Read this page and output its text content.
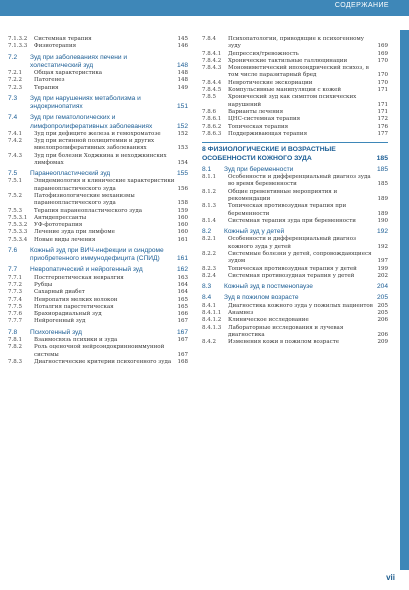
СОДЕРЖАНИЕ
7.1.3.2	Системная терапия	145
7.1.3.3	Физиотерапия	146
7.2	Зуд при заболеваниях печени и холестатический зуд	148
7.2.1	Общая характеристика	148
7.2.2	Патогенез	148
7.2.3	Терапия	149
7.3	Зуд при нарушениях метаболизма и эндокринопатиях	151
7.4	Зуд при гематологических и лимфопролиферативных заболеваниях	152
7.4.1	Зуд при дефиците железа и гемохроматозе	152
7.4.2	Зуд при истинной полицитемии и других миелопролиферативных заболеваниях	153
7.4.3	Зуд при болезни Ходжкина и неходжкинских лимфомах	154
7.5	Паранеопластический зуд	155
7.5.1	Эпидемиология и клинические характеристики паранеопластического зуда	156
7.5.2	Патофизиологические механизмы паранеопластического зуда	158
7.5.3	Терапия паранеопластического зуда	159
7.5.3.1	Антидепрессанты	160
7.5.3.2	УФ-фототерапия	160
7.5.3.3	Лечение зуда при лимфоме	160
7.5.3.4	Новые виды лечения	161
7.6	Кожный зуд при ВИЧ-инфекции и синдроме приобретенного иммунодефицита (СПИД)	161
7.7	Невропатический и нейрогенный зуд	162
7.7.1	Постгерпетическая невралгия	163
7.7.2	Рубцы	164
7.7.3	Сахарный диабет	164
7.7.4	Невропатия мелких волокон	165
7.7.5	Ноталгия парестетическая	165
7.7.6	Брахиорадиальный зуд	166
7.7.7	Нейрогенный зуд	167
7.8	Психогенный зуд	167
7.8.1	Взаимосвязь психики и зуда	167
7.8.2	Роль оценочной нейроэндокринноиммунной системы	167
7.8.3	Диагностические критерии психогенного зуда	168
7.8.4	Психопатологии, приводящие к психогенному зуду	169
7.8.4.1	Депрессия/тревожность	169
7.8.4.2	Хронические тактильные галлюцинации	170
7.8.4.3	Мономиметический ипохондрический психоз, в том числе паразитарный бред	170
7.8.4.4	Невротические экскориации	170
7.8.4.5	Компульсивные манипуляции с кожей	171
7.8.5	Хронический зуд как симптом психических нарушений	171
7.8.6	Варианты лечения	171
7.8.6.1	ЦНС-системная терапия	172
7.8.6.2	Топическая терапия	176
7.8.6.3	Поддерживающая терапия	177
8 ФИЗИОЛОГИЧЕСКИЕ И ВОЗРАСТНЫЕ ОСОБЕННОСТИ КОЖНОГО ЗУДА	185
8.1	Зуд при беременности	185
8.1.1	Особенности и дифференциальный диагноз зуда во время беременности	185
8.1.2	Общие превентивные мероприятия и рекомендации	189
8.1.3	Топическая противозудная терапия при беременности	189
8.1.4	Системная терапия зуда при беременности	190
8.2	Кожный зуд у детей	192
8.2.1	Особенности и дифференциальный диагноз кожного зуда у детей	192
8.2.2	Системные болезни у детей, сопровождающиеся зудом	197
8.2.3	Топическая противозудная терапия у детей	199
8.2.4	Системная противозудная терапия у детей	202
8.3	Кожный зуд в постменопаузе	204
8.4	Зуд в пожилом возрасте	205
8.4.1	Диагностика кожного зуда у пожилых пациентов 205
8.4.1.1	Анамнез	205
8.4.1.2	Клиническое исследование	206
8.4.1.3	Лабораторные исследования и лучевая диагностика	206
8.4.2	Изменения кожи в пожилом возрасте	209
vii
